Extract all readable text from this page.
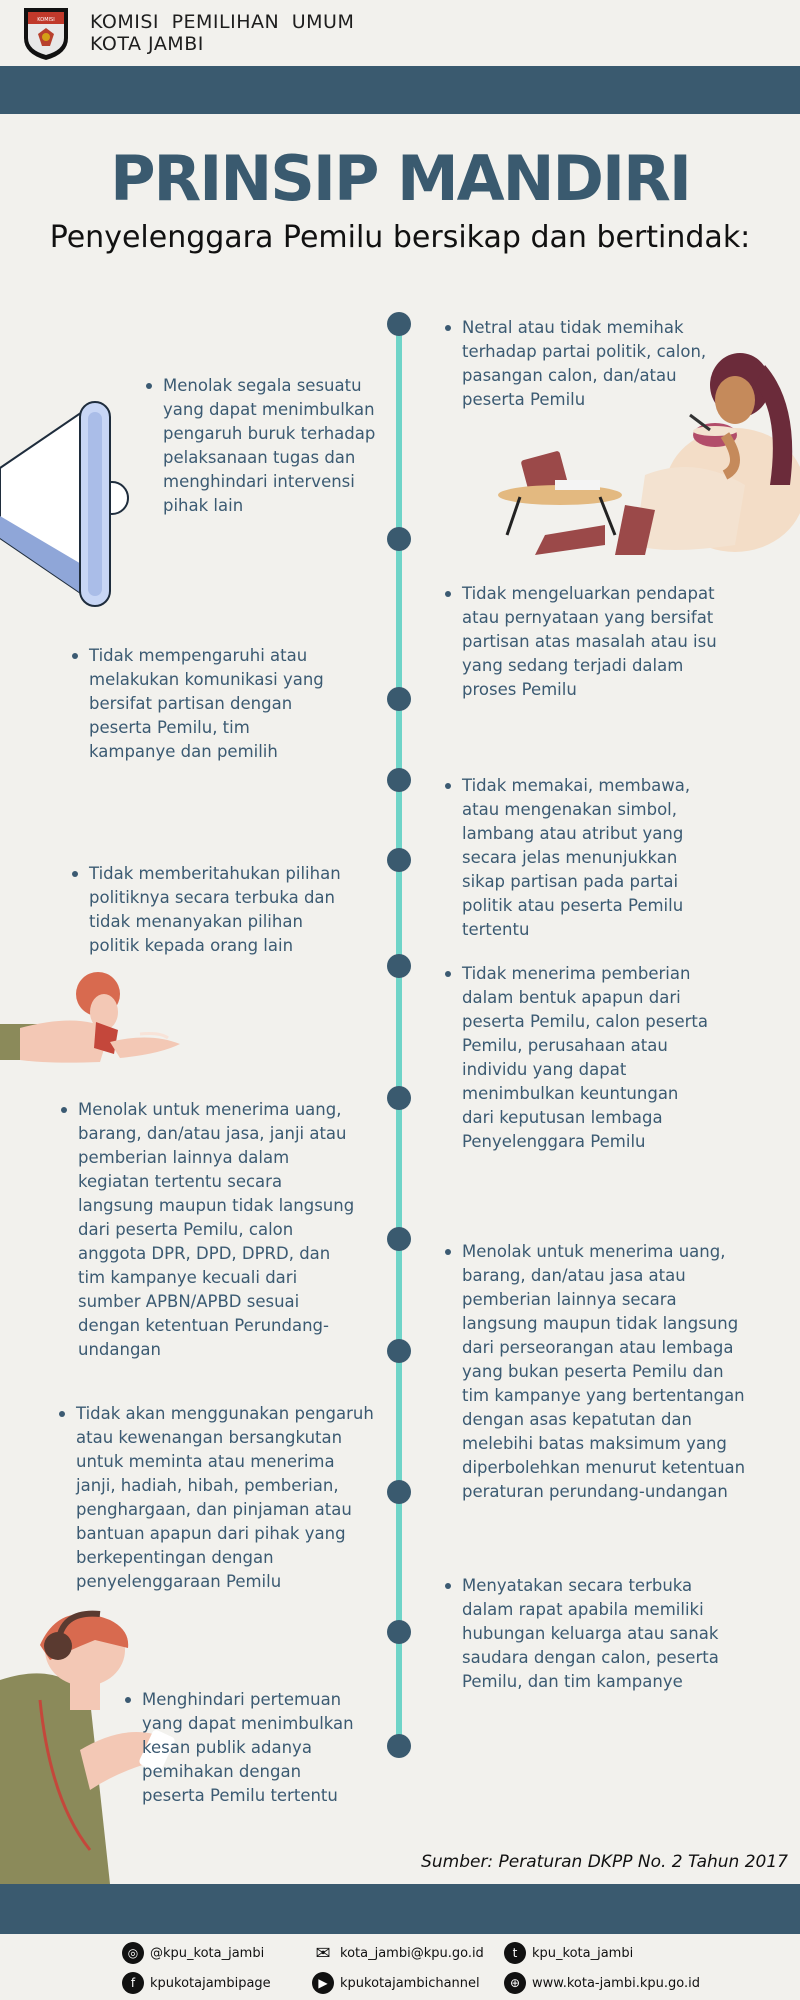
KOMISI KOMISI PEMILIHAN UMUM
KOTA JAMBI
PRINSIP MANDIRI
Penyelenggara Pemilu bersikap dan bertindak:
Netral atau tidak memihak terhadap partai politik, calon, pasangan calon, dan/atau peserta Pemilu
Tidak mengeluarkan pendapat atau pernyataan yang bersifat partisan atas masalah atau isu yang sedang terjadi dalam proses Pemilu
Tidak memakai, membawa, atau mengenakan simbol, lambang atau atribut yang secara jelas menunjukkan sikap partisan pada partai politik atau peserta Pemilu tertentu
Tidak menerima pemberian dalam bentuk apapun dari peserta Pemilu, calon peserta Pemilu, perusahaan atau individu yang dapat menimbulkan keuntungan dari keputusan lembaga Penyelenggara Pemilu
Menolak untuk menerima uang, barang, dan/atau jasa atau pemberian lainnya secara langsung maupun tidak langsung dari perseorangan atau lembaga yang bukan peserta Pemilu dan tim kampanye yang bertentangan dengan asas kepatutan dan melebihi batas maksimum yang diperbolehkan menurut ketentuan peraturan perundang-undangan
Menyatakan secara terbuka dalam rapat apabila memiliki hubungan keluarga atau sanak saudara dengan calon, peserta Pemilu, dan tim kampanye
Menolak segala sesuatu yang dapat menimbulkan pengaruh buruk terhadap pelaksanaan tugas dan menghindari intervensi pihak lain
Tidak mempengaruhi atau melakukan komunikasi yang bersifat partisan dengan peserta Pemilu, tim kampanye dan pemilih
Tidak memberitahukan pilihan politiknya secara terbuka dan tidak menanyakan pilihan politik kepada orang lain
Menolak untuk menerima uang, barang, dan/atau jasa, janji atau pemberian lainnya dalam kegiatan tertentu secara langsung maupun tidak langsung dari peserta Pemilu, calon anggota DPR, DPD, DPRD, dan tim kampanye kecuali dari sumber APBN/APBD sesuai dengan ketentuan Perundang-undangan
Tidak akan menggunakan pengaruh atau kewenangan bersangkutan untuk meminta atau menerima janji, hadiah, hibah, pemberian, penghargaan, dan pinjaman atau bantuan apapun dari pihak yang berkepentingan dengan penyelenggaraan Pemilu
Menghindari pertemuan yang dapat menimbulkan kesan publik adanya pemihakan dengan peserta Pemilu tertentu
Sumber: Peraturan DKPP No. 2 Tahun 2017
◎ @kpu_kota_jambi	✉ kota_jambi@kpu.go.id	t	kpu_kota_jambi
f	kpukotajambipage	▶ kpukotajambichannel	⊕ www.kota-jambi.kpu.go.id
